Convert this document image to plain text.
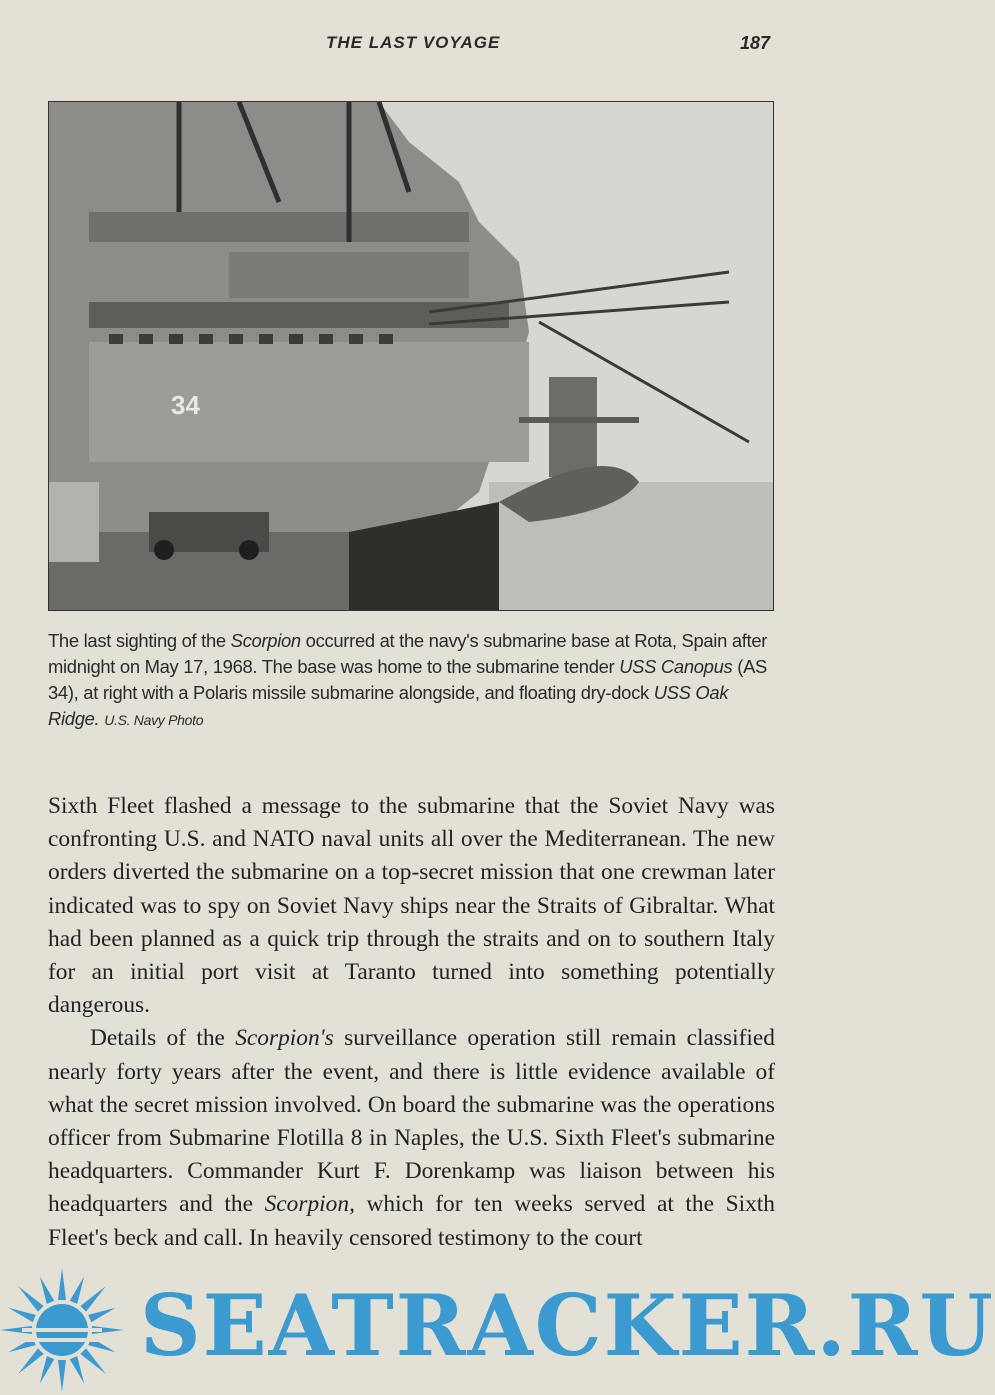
THE LAST VOYAGE	187
34
The last sighting of the Scorpion occurred at the navy's submarine base at Rota, Spain after midnight on May 17, 1968. The base was home to the submarine tender USS Canopus (AS 34), at right with a Polaris missile submarine alongside, and floating dry-dock USS Oak Ridge. U.S. Navy Photo

Sixth Fleet flashed a message to the submarine that the Soviet Navy was confronting U.S. and NATO naval units all over the Mediterranean. The new orders diverted the submarine on a top-secret mission that one crewman later indicated was to spy on Soviet Navy ships near the Straits of Gibraltar. What had been planned as a quick trip through the straits and on to southern Italy for an initial port visit at Taranto turned into something potentially dangerous.

Details of the Scorpion's surveillance operation still remain classified nearly forty years after the event, and there is little evidence available of what the secret mission involved. On board the submarine was the operations officer from Submarine Flotilla 8 in Naples, the U.S. Sixth Fleet's submarine headquarters. Commander Kurt F. Dorenkamp was liaison between his headquarters and the Scorpion, which for ten weeks served at the Sixth Fleet's beck and call. In heavily censored testimony to the court

SEATRACKER.RU
